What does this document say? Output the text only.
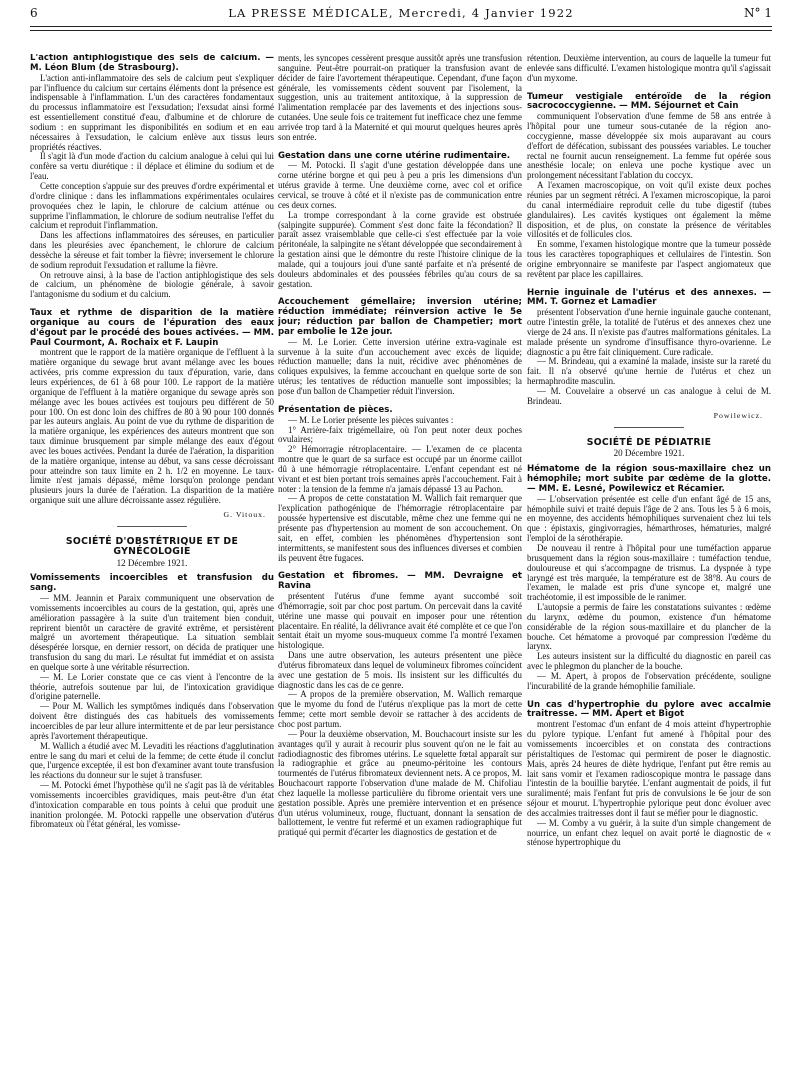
6	LA PRESSE MÉDICALE, Mercredi, 4 Janvier 1922	N° 1
L'action antiphlogistique des sels de calcium. — M. Léon Blum (de Strasbourg).

L'action anti-inflammatoire des sels de calcium peut s'expliquer par l'influence du calcium sur certains éléments dont la présence est indispensable à l'inflammation. L'un des caractères fondamentaux du processus inflammatoire est l'exsudation; l'exsudat ainsi formé est essentiellement constitué d'eau, d'albumine et de chlorure de sodium : en supprimant les disponibilités en sodium et en eau nécessaires à l'exsudation, le calcium enlève aux tissus leurs propriétés réactives.

Il s'agit là d'un mode d'action du calcium analogue à celui qui lui confère sa vertu diurétique : il déplace et élimine du sodium et de l'eau.

Cette conception s'appuie sur des preuves d'ordre expérimental et d'ordre clinique : dans les inflammations expérimentales oculaires provoquées chez le lapin, le chlorure de calcium atténue ou supprime l'inflammation, le chlorure de sodium neutralise l'effet du calcium et reproduit l'inflammation.

Dans les affections inflammatoires des séreuses, en particulier dans les pleurésies avec épanchement, le chlorure de calcium dessèche la séreuse et fait tomber la fièvre; inversement le chlorure de sodium reproduit l'exsudation et rallume la fièvre.

On retrouve ainsi, à la base de l'action antiphlogistique des sels de calcium, un phénomène de biologie générale, à savoir l'antagonisme du sodium et du calcium.

Taux et rythme de disparition de la matière organique au cours de l'épuration des eaux d'égout par le procédé des boues activées. — MM. Paul Courmont, A. Rochaix et F. Laupin

montrent que le rapport de la matière organique de l'effluent à la matière organique du sewage brut avant mélange avec les boues activées, pris comme expression du taux d'épuration, varie, dans leurs expériences, de 61 à 68 pour 100. Le rapport de la matière organique de l'effluent à la matière organique du sewage après son mélange avec les boues activées est toujours peu différent de 50 pour 100. On est donc loin des chiffres de 80 à 90 pour 100 donnés par les auteurs anglais. Au point de vue du rythme de disparition de la matière organique, les expériences des auteurs montrent que son taux diminue brusquement par simple mélange des eaux d'égout avec les boues activées. Pendant la durée de l'aération, la disparition de la matière organique, intense au début, va sans cesse décroissant pour atteindre son taux limite en 2 h. 1/2 en moyenne. Le taux-limite n'est jamais dépassé, même lorsqu'on prolonge pendant plusieurs jours la durée de l'aération. La disparition de la matière organique suit une allure décroissante assez régulière.

G. Vitoux.

SOCIÉTÉ D'OBSTÉTRIQUE ET DE GYNÉCOLOGIE

12 Décembre 1921.

Vomissements incoercibles et transfusion du sang.

— MM. Jeannin et Paraix communiquent une observation de vomissements incoercibles au cours de la gestation, qui, après une amélioration passagère à la suite d'un traitement bien conduit, reprirent bientôt un caractère de gravité extrême, et persistèrent malgré un avortement thérapeutique. La situation semblait désespérée lorsque, en dernier ressort, on décida de pratiquer une transfusion du sang du mari. Le résultat fut immédiat et on assista en quelque sorte à une véritable résurrection.

— M. Le Lorier constate que ce cas vient à l'encontre de la théorie, autrefois soutenue par lui, de l'intoxication gravidique d'origine paternelle.

— Pour M. Wallich les symptômes indiqués dans l'observation doivent être distingués des cas habituels des vomissements incoercibles de par leur allure intermittente et de par leur persistance après l'avortement thérapeutique.

M. Wallich a étudié avec M. Levaditi les réactions d'agglutination entre le sang du mari et celui de la femme; de cette étude il conclut que, l'urgence exceptée, il est bon d'examiner avant toute transfusion les réactions du donneur sur le sujet à transfuser.

— M. Potocki émet l'hypothèse qu'il ne s'agit pas là de véritables vomissements incoercibles gravidiques, mais peut-être d'un état d'intoxication comparable en tous points à celui que produit une inanition prolongée. M. Potocki rappelle une observation d'utérus fibromateux où l'état général, les vomisse-

ments, les syncopes cessèrent presque aussitôt après une transfusion sanguine. Peut-être pourrait-on pratiquer la transfusion avant de décider de faire l'avortement thérapeutique. Cependant, d'une façon générale, les vomissements cèdent souvent par l'isolement, la suggestion, unis au traitement antitoxique, à la suppression de l'alimentation remplacée par des lavements et des injections sous-cutanées. Une seule fois ce traitement fut inefficace chez une femme arrivée trop tard à la Maternité et qui mourut quelques heures après son entrée.

Gestation dans une corne utérine rudimentaire.

— M. Potocki. Il s'agit d'une gestation développée dans une corne utérine borgne et qui peu à peu a pris les dimensions d'un utérus gravide à terme. Une deuxième corne, avec col et orifice cervical, se trouve à côté et il n'existe pas de communication entre ces deux cornes.

La trompe correspondant à la corne gravide est obstruée (salpingite suppurée). Comment s'est donc faite la fécondation? Il paraît assez vraisemblable que celle-ci s'est effectuée par la voie péritonéale, la salpingite ne s'étant développée que secondairement à la gestation ainsi que le démontre du reste l'histoire clinique de la malade, qui a toujours joui d'une santé parfaite et n'a présenté de douleurs abdominales et des poussées fébriles qu'au cours de sa gestation.

Accouchement gémellaire; inversion utérine; réduction immédiate; réinversion active le 5e jour; réduction par ballon de Champetier; mort par embolie le 12e jour.

— M. Le Lorier. Cette inversion utérine extra-vaginale est survenue à la suite d'un accouchement avec excès de liquide; réduction manuelle; dans la nuit, récidive avec phénomènes de coliques expulsives, la femme accouchant en quelque sorte de son utérus; les tentatives de réduction manuelle sont impossibles; la pose d'un ballon de Champetier réduit l'inversion.

Présentation de pièces.

— M. Le Lorier présente les pièces suivantes :

1° Arrière-faix trigémellaire, où l'on peut noter deux poches ovulaires;

2° Hémorragie rétroplacentaire. — L'examen de ce placenta montre que le quart de sa surface est occupé par un énorme caillot dû à une hémorragie rétroplacentaire. L'enfant cependant est né vivant et est bien portant trois semaines après l'accouchement. Fait à noter : la tension de la femme n'a jamais dépassé 13 au Pachon.

— A propos de cette constatation M. Wallich fait remarquer que l'explication pathogénique de l'hémorragie rétroplacentaire par poussée hypertensive est discutable, même chez une femme qui ne présente pas d'hypertension au moment de son accouchement. On sait, en effet, combien les phénomènes d'hypertension sont intermittents, se manifestent sous des influences diverses et combien ils peuvent être fugaces.

Gestation et fibromes. — MM. Devraigne et Ravina

présentent l'utérus d'une femme ayant succombé soit d'hémorragie, soit par choc post partum. On percevait dans la cavité utérine une masse qui pouvait en imposer pour une rétention placentaire. En réalité, la délivrance avait été complète et ce que l'on sentait était un myome sous-muqueux comme l'a montré l'examen histologique.

Dans une autre observation, les auteurs présentent une pièce d'utérus fibromateux dans lequel de volumineux fibromes coïncident avec une gestation de 5 mois. Ils insistent sur les difficultés du diagnostic dans les cas de ce genre.

— A propos de la première observation, M. Wallich remarque que le myome du fond de l'utérus n'explique pas la mort de cette femme; cette mort semble devoir se rattacher à des accidents de choc post partum.

— Pour la deuxième observation, M. Bouchacourt insiste sur les avantages qu'il y aurait à recourir plus souvent qu'on ne le fait au radiodiagnostic des fibromes utérins. Le squelette fœtal apparaît sur la radiographie et grâce au pneumo-péritoine les contours tourmentés de l'utérus fibromateux deviennent nets. A ce propos, M. Bouchacourt rapporte l'observation d'une malade de M. Chifoliau chez laquelle la mollesse particulière du fibrome orientait vers une gestation possible. Après une première intervention et en présence d'un utérus volumineux, rouge, fluctuant, donnant la sensation de ballottement, le ventre fut refermé et un examen radiographique fut pratiqué qui permit d'écarter les diagnostics de gestation et de

rétention. Deuxième intervention, au cours de laquelle la tumeur fut enlevée sans difficulté. L'examen histologique montra qu'il s'agissait d'un myxome.

Tumeur vestigiale entéroïde de la région sacrococcygienne. — MM. Séjournet et Cain

communiquent l'observation d'une femme de 58 ans entrée à l'hôpital pour une tumeur sous-cutanée de la région ano-coccygienne, masse développée six mois auparavant au cours d'effort de défécation, subissant des poussées variables. Le toucher rectal ne fournit aucun renseignement. La femme fut opérée sous anesthésie locale; on enleva une poche kystique avec un prolongement nécessitant l'ablation du coccyx.

A l'examen macroscopique, on voit qu'il existe deux poches réunies par un segment rétréci. A l'examen microscopique, la paroi du canal intermédiaire reproduit celle du tube digestif (tubes glandulaires). Les cavités kystiques ont également la même disposition, et de plus, on constate la présence de véritables villosités et de follicules clos.

En somme, l'examen histologique montre que la tumeur possède tous les caractères topographiques et cellulaires de l'intestin. Son origine embryonnaire se manifeste par l'aspect angiomateux que revêtent par place les capillaires.

Hernie inguinale de l'utérus et des annexes. — MM. T. Gornez et Lamadier

présentent l'observation d'une hernie inguinale gauche contenant, outre l'intestin grêle, la totalité de l'utérus et des annexes chez une vierge de 24 ans. Il n'existe pas d'autres malformations génitales. La malade présente un syndrome d'insuffisance thyro-ovarienne. Le diagnostic a pu être fait cliniquement. Cure radicale.

— M. Brindeau, qui a examiné la malade, insiste sur la rareté du fait. Il n'a observé qu'une hernie de l'utérus et chez un hermaphrodite masculin.

— M. Couvelaire a observé un cas analogue à celui de M. Brindeau.

Powilewicz.

SOCIÉTÉ DE PÉDIATRIE

20 Décembre 1921.

Hématome de la région sous-maxillaire chez un hémophile; mort subite par œdème de la glotte. — MM. E. Lesné, Powilewicz et Récamier.

— L'observation présentée est celle d'un enfant âgé de 15 ans, hémophile suivi et traité depuis l'âge de 2 ans. Tous les 5 à 6 mois, en moyenne, des accidents hémophiliques survenaient chez lui tels que : épistaxis, gingivorragies, hémarthroses, hématuries, malgré l'emploi de la sérothérapie.

De nouveau il rentre à l'hôpital pour une tuméfaction apparue brusquement dans la région sous-maxillaire : tuméfaction tendue, douloureuse et qui s'accompagne de trismus. La dyspnée à type laryngé est très marquée, la température est de 38°8. Au cours de l'examen, le malade est pris d'une syncope et, malgré une trachéotomie, il est impossible de le ranimer.

L'autopsie a permis de faire les constatations suivantes : œdème du larynx, œdème du poumon, existence d'un hématome considérable de la région sous-maxillaire et du plancher de la bouche. Cet hématome a provoqué par compression l'œdème du larynx.

Les auteurs insistent sur la difficulté du diagnostic en pareil cas avec le phlegmon du plancher de la bouche.

— M. Apert, à propos de l'observation précédente, souligne l'incurabilité de la grande hémophilie familiale.

Un cas d'hypertrophie du pylore avec accalmie traitresse. — MM. Apert et Bigot

montrent l'estomac d'un enfant de 4 mois atteint d'hypertrophie du pylore typique. L'enfant fut amené à l'hôpital pour des vomissements incoercibles et on constata des contractions péristaltiques de l'estomac qui permirent de poser le diagnostic. Mais, après 24 heures de diète hydrique, l'enfant put être remis au lait sans vomir et l'examen radioscopique montra le passage dans l'intestin de la bouillie barytée. L'enfant augmentait de poids, il fut suralimenté; mais l'enfant fut pris de convulsions le 6e jour de son séjour et mourut. L'hypertrophie pylorique peut donc évoluer avec des accalmies traitresses dont il faut se méfier pour le diagnostic.

— M. Comby a vu guérir, à la suite d'un simple changement de nourrice, un enfant chez lequel on avait porté le diagnostic de « sténose hypertrophique du
